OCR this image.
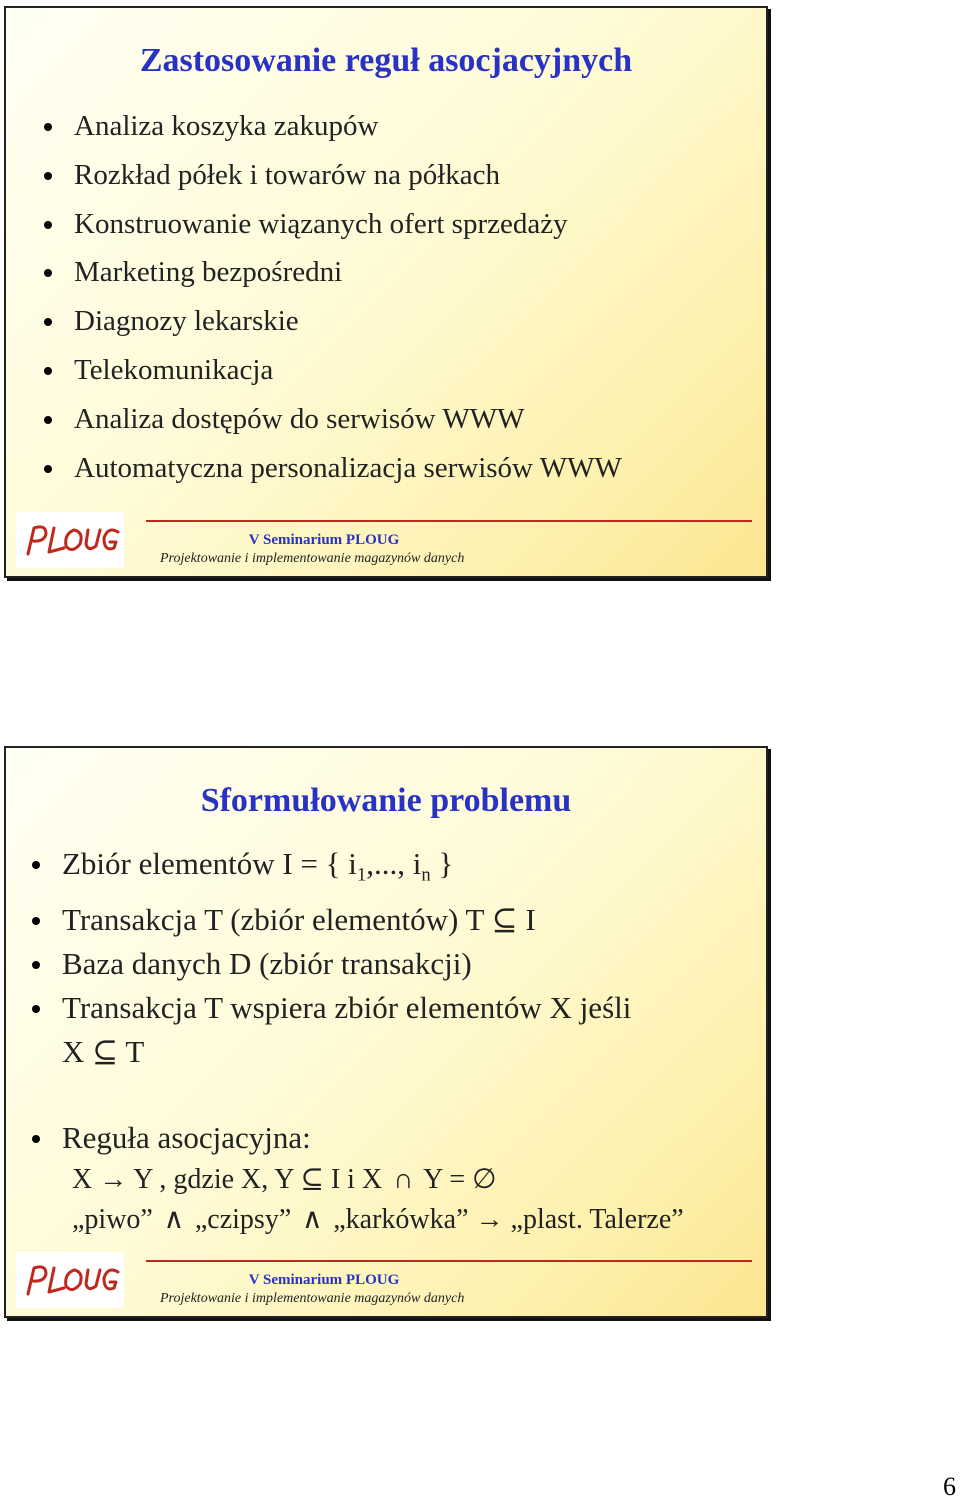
Zastosowanie reguł asocjacyjnych
Analiza koszyka zakupów
Rozkład półek i towarów na półkach
Konstruowanie wiązanych ofert sprzedaży
Marketing bezpośredni
Diagnozy lekarskie
Telekomunikacja
Analiza dostępów do serwisów WWW
Automatyczna personalizacja serwisów WWW
V Seminarium PLOUG
Projektowanie i implementowanie magazynów danych
Sformułowanie problemu
Zbiór elementów I = { $i_1$,..., $i_n$ }
Transakcja T (zbiór elementów) T ⊆ I
Baza danych D (zbiór transakcji)
Transakcja T wspiera zbiór elementów X jeśli
X ⊆ T
Reguła asocjacyjna:
X → Y , gdzie X, Y ⊆ I i X ∩ Y = ∅
„piwo” ∧ „czipsy” ∧ „karkówka” → „plast. Talerze”
V Seminarium PLOUG
Projektowanie i implementowanie magazynów danych
6
